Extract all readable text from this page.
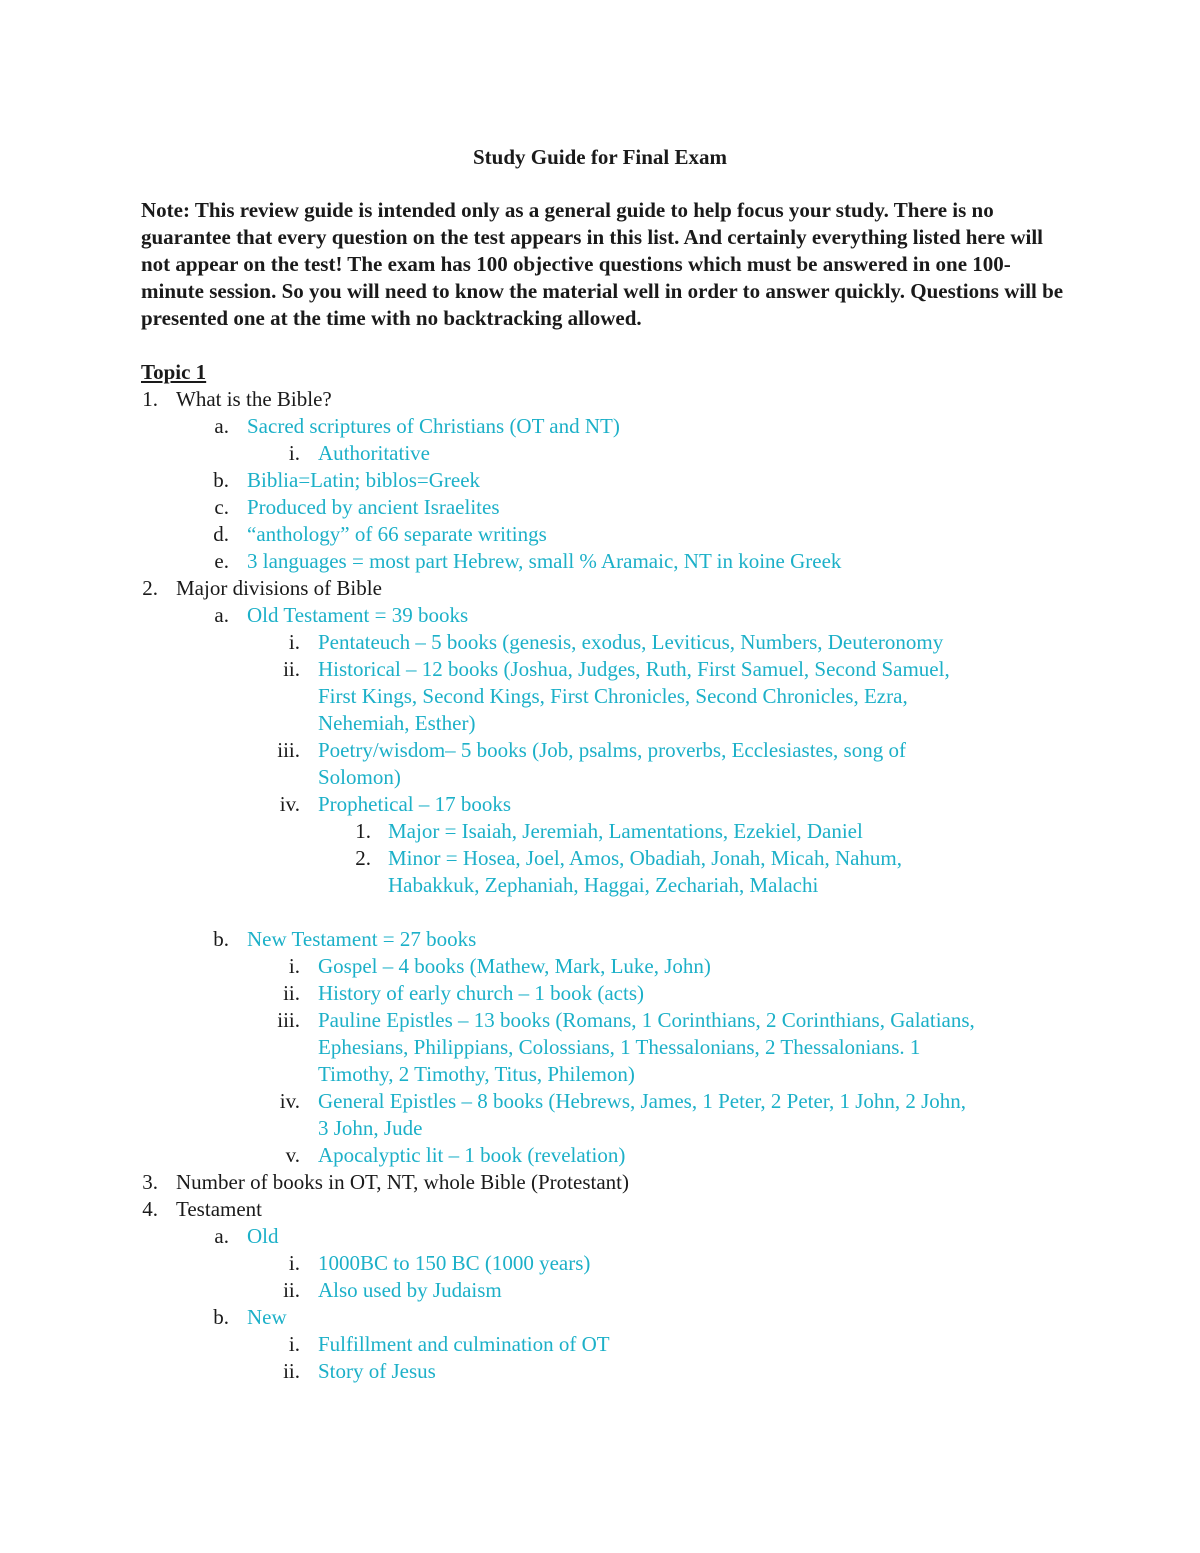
Study Guide for Final Exam
Note: This review guide is intended only as a general guide to help focus your study. There is no guarantee that every question on the test appears in this list. And certainly everything listed here will not appear on the test! The exam has 100 objective questions which must be answered in one 100-minute session. So you will need to know the material well in order to answer quickly. Questions will be presented one at the time with no backtracking allowed.
Topic 1
1. What is the Bible?
a. Sacred scriptures of Christians (OT and NT)
i. Authoritative
b. Biblia=Latin; biblos=Greek
c. Produced by ancient Israelites
d. “anthology” of 66 separate writings
e. 3 languages = most part Hebrew, small % Aramaic, NT in koine Greek
2. Major divisions of Bible
a. Old Testament = 39 books
i. Pentateuch – 5 books (genesis, exodus, Leviticus, Numbers, Deuteronomy
ii. Historical – 12 books (Joshua, Judges, Ruth, First Samuel, Second Samuel,
First Kings, Second Kings, First Chronicles, Second Chronicles, Ezra,
Nehemiah, Esther)
iii. Poetry/wisdom– 5 books (Job, psalms, proverbs, Ecclesiastes, song of
Solomon)
iv. Prophetical – 17 books
1. Major = Isaiah, Jeremiah, Lamentations, Ezekiel, Daniel
2. Minor = Hosea, Joel, Amos, Obadiah, Jonah, Micah, Nahum,
Habakkuk, Zephaniah, Haggai, Zechariah, Malachi
b. New Testament = 27 books
i. Gospel – 4 books (Mathew, Mark, Luke, John)
ii. History of early church – 1 book (acts)
iii. Pauline Epistles – 13 books (Romans, 1 Corinthians, 2 Corinthians, Galatians,
Ephesians, Philippians, Colossians, 1 Thessalonians, 2 Thessalonians. 1
Timothy, 2 Timothy, Titus, Philemon)
iv. General Epistles – 8 books (Hebrews, James, 1 Peter, 2 Peter, 1 John, 2 John,
3 John, Jude
v. Apocalyptic lit – 1 book (revelation)
3. Number of books in OT, NT, whole Bible (Protestant)
4. Testament
a. Old
i. 1000BC to 150 BC (1000 years)
ii. Also used by Judaism
b. New
i. Fulfillment and culmination of OT
ii. Story of Jesus
